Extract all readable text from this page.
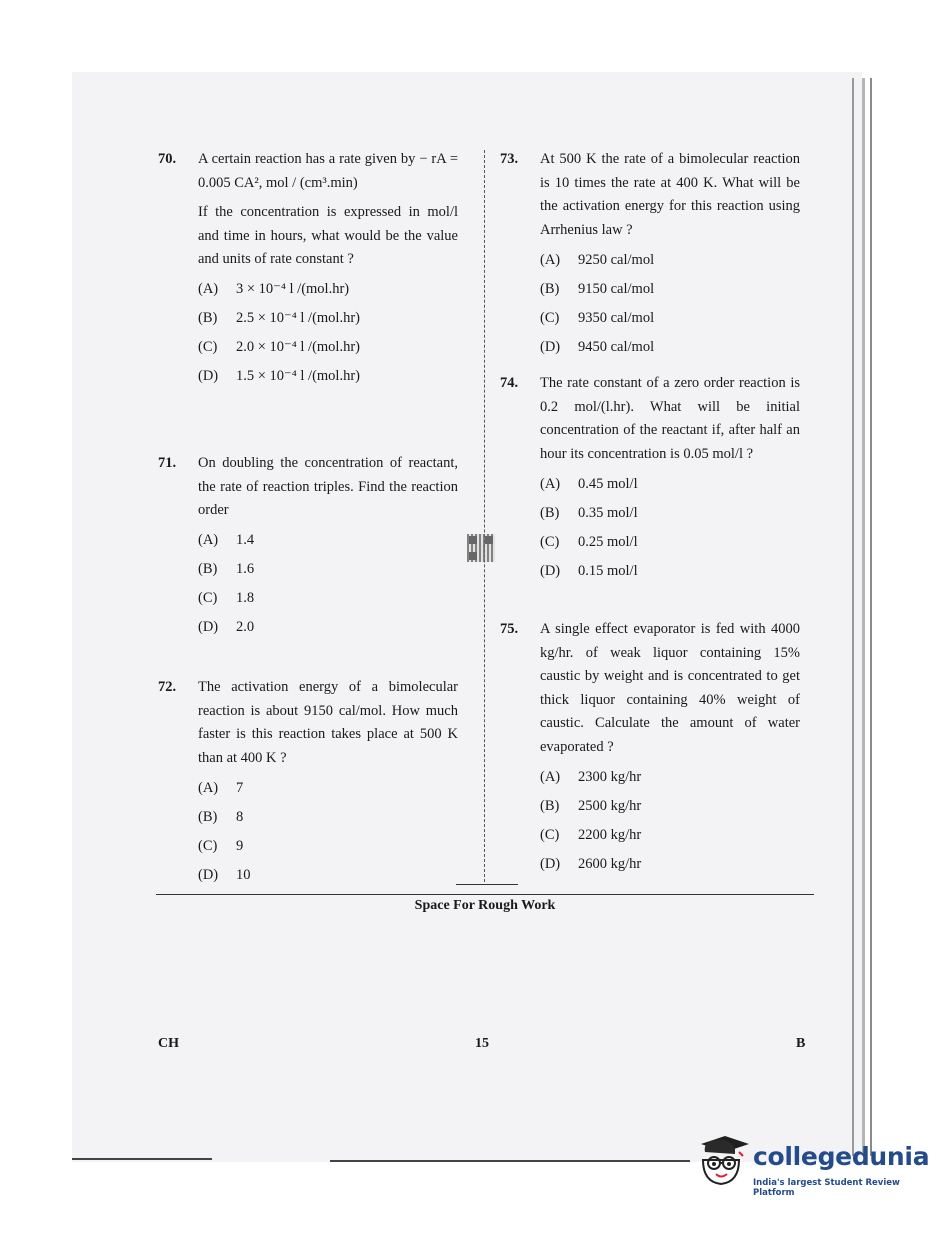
70. A certain reaction has a rate given by − rA = 0.005 CA², mol / (cm³.min)

If the concentration is expressed in mol/l and time in hours, what would be the value and units of rate constant ?

(A)	3 × 10⁻⁴ l /(mol.hr)
(B)	2.5 × 10⁻⁴ l /(mol.hr)
(C)	2.0 × 10⁻⁴ l /(mol.hr)
(D)	1.5 × 10⁻⁴ l /(mol.hr)
71. On doubling the concentration of reactant, the rate of reaction triples. Find the reaction order

(A)	1.4
(B)	1.6
(C)	1.8
(D)	2.0
72. The activation energy of a bimolecular reaction is about 9150 cal/mol. How much faster is this reaction takes place at 500 K than at 400 K ?

(A)	7
(B)	8
(C)	9
(D)	10
73. At 500 K the rate of a bimolecular reaction is 10 times the rate at 400 K. What will be the activation energy for this reaction using Arrhenius law ?

(A)	9250 cal/mol
(B)	9150 cal/mol
(C)	9350 cal/mol
(D)	9450 cal/mol
74. The rate constant of a zero order reaction is 0.2 mol/(l.hr). What will be initial concentration of the reactant if, after half an hour its concentration is 0.05 mol/l ?

(A)	0.45 mol/l
(B)	0.35 mol/l
(C)	0.25 mol/l
(D)	0.15 mol/l
75. A single effect evaporator is fed with 4000 kg/hr. of weak liquor containing 15% caustic by weight and is concentrated to get thick liquor containing 40% weight of caustic. Calculate the amount of water evaporated ?

(A)	2300 kg/hr
(B)	2500 kg/hr
(C)	2200 kg/hr
(D)	2600 kg/hr
Space For Rough Work
CH	15	B
collegedunia
India's largest Student Review Platform
